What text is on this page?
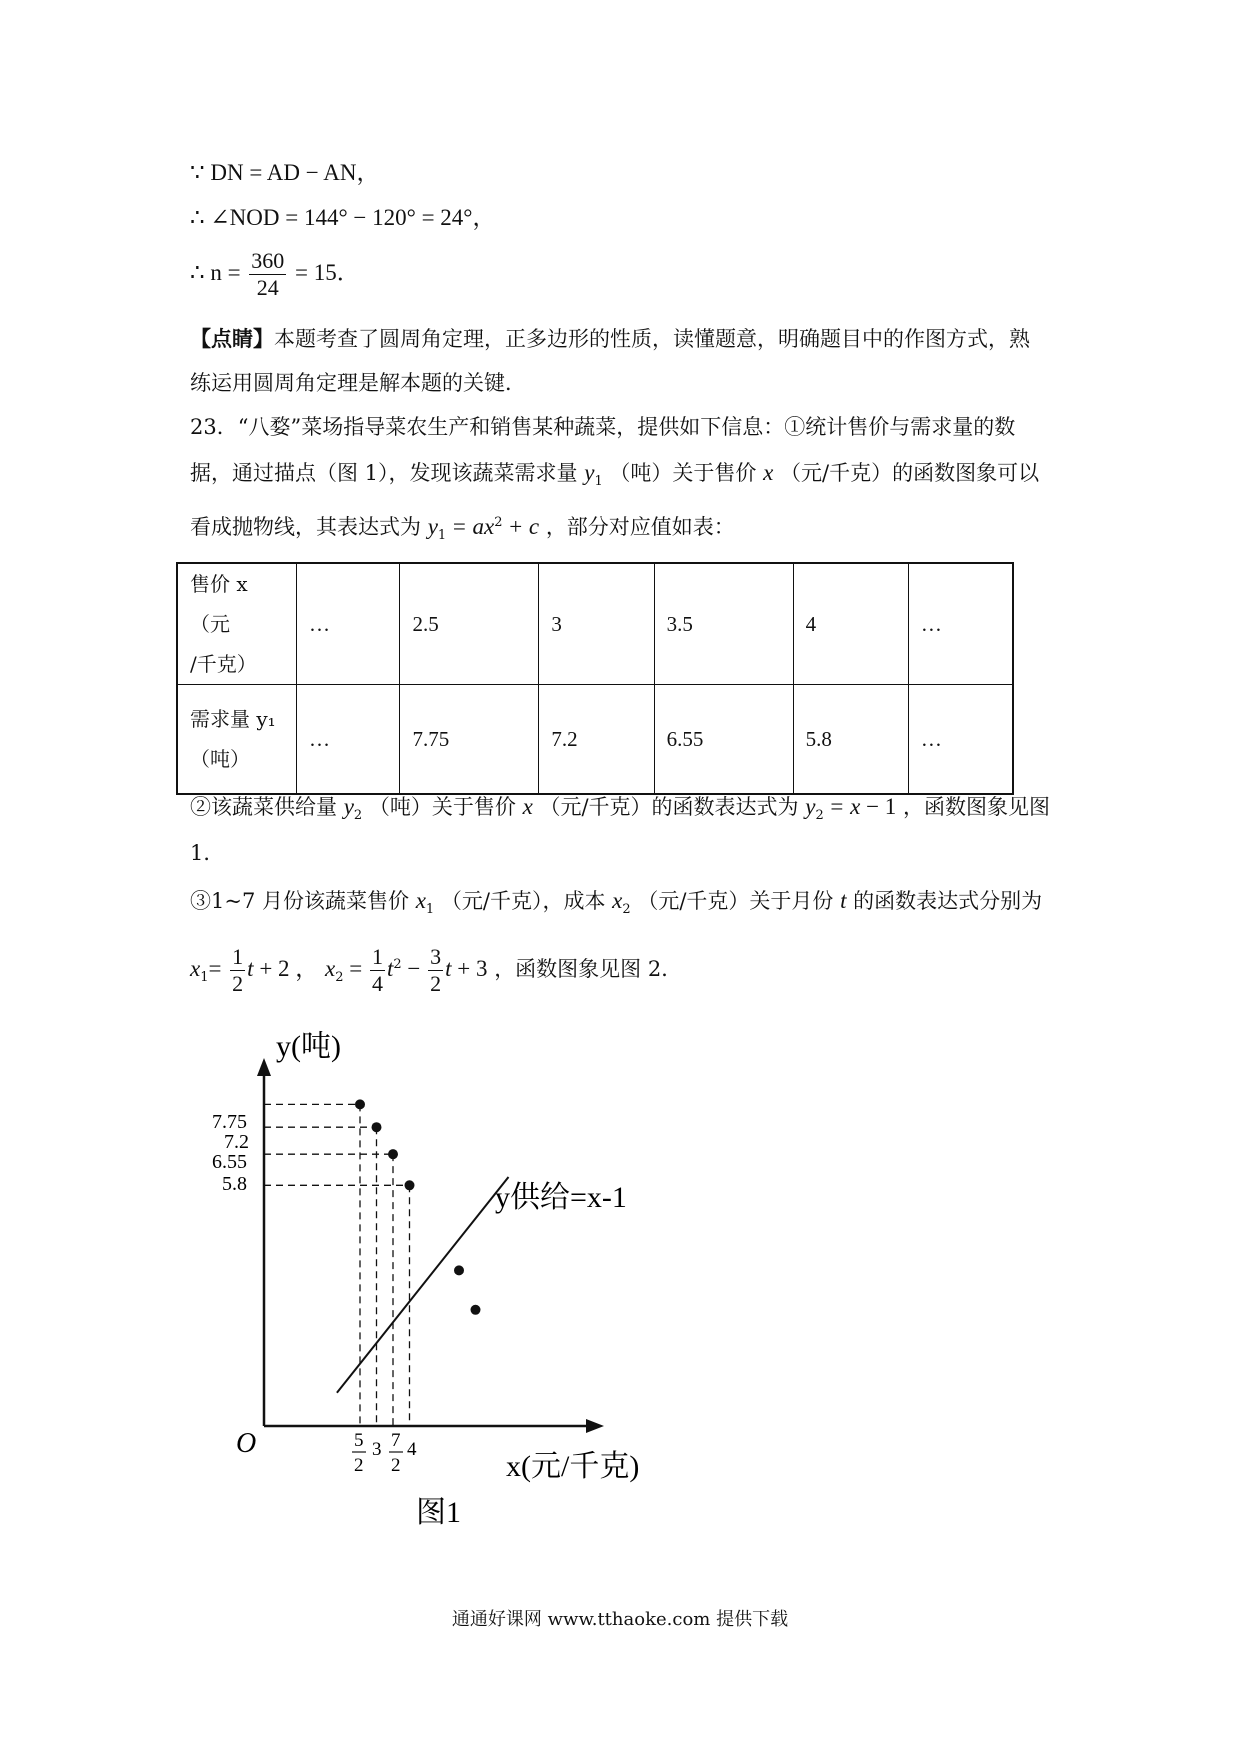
∵ DN = AD − AN，
∴ ∠NOD = 144° − 120° = 24°，
∴ $n = \frac{360}{24} = 15$．
【点睛】本题考查了圆周角定理，正多边形的性质，读懂题意，明确题目中的作图方式，熟
练运用圆周角定理是解本题的关键．
23．“八婺”菜场指导菜农生产和销售某种蔬菜，提供如下信息：①统计售价与需求量的数
据，通过描点（图 1），发现该蔬菜需求量 $y_1$ （吨）关于售价 x （元/千克）的函数图象可以
看成抛物线，其表达式为 $y_1 = ax^2 + c$ ，部分对应值如表：
售价 x（元
/千克）	…	2.5	3	3.5	4	…

需求量 y₁
（吨）	…	7.75	7.2	6.55	5.8	…
②该蔬菜供给量 $y_2$ （吨）关于售价 x （元/千克）的函数表达式为 $y_2 = x - 1$ ，函数图象见图
1．
③1~7 月份该蔬菜售价 $x_1$ （元/千克），成本 $x_2$ （元/千克）关于月份 t 的函数表达式分别为
$x_1= \frac{1}{2}$ t + 2 ， $x_2 = \frac{1}{4} t^2 - \frac{3}{2}$ t + 3 ，函数图象见图 2．
y(吨)
O
x(元/千克)
图1
y供给=x-1
7.75
7.2
6.55
5.8
5
2
3 7
2
4
通通好课网 www.tthaoke.com 提供下载
